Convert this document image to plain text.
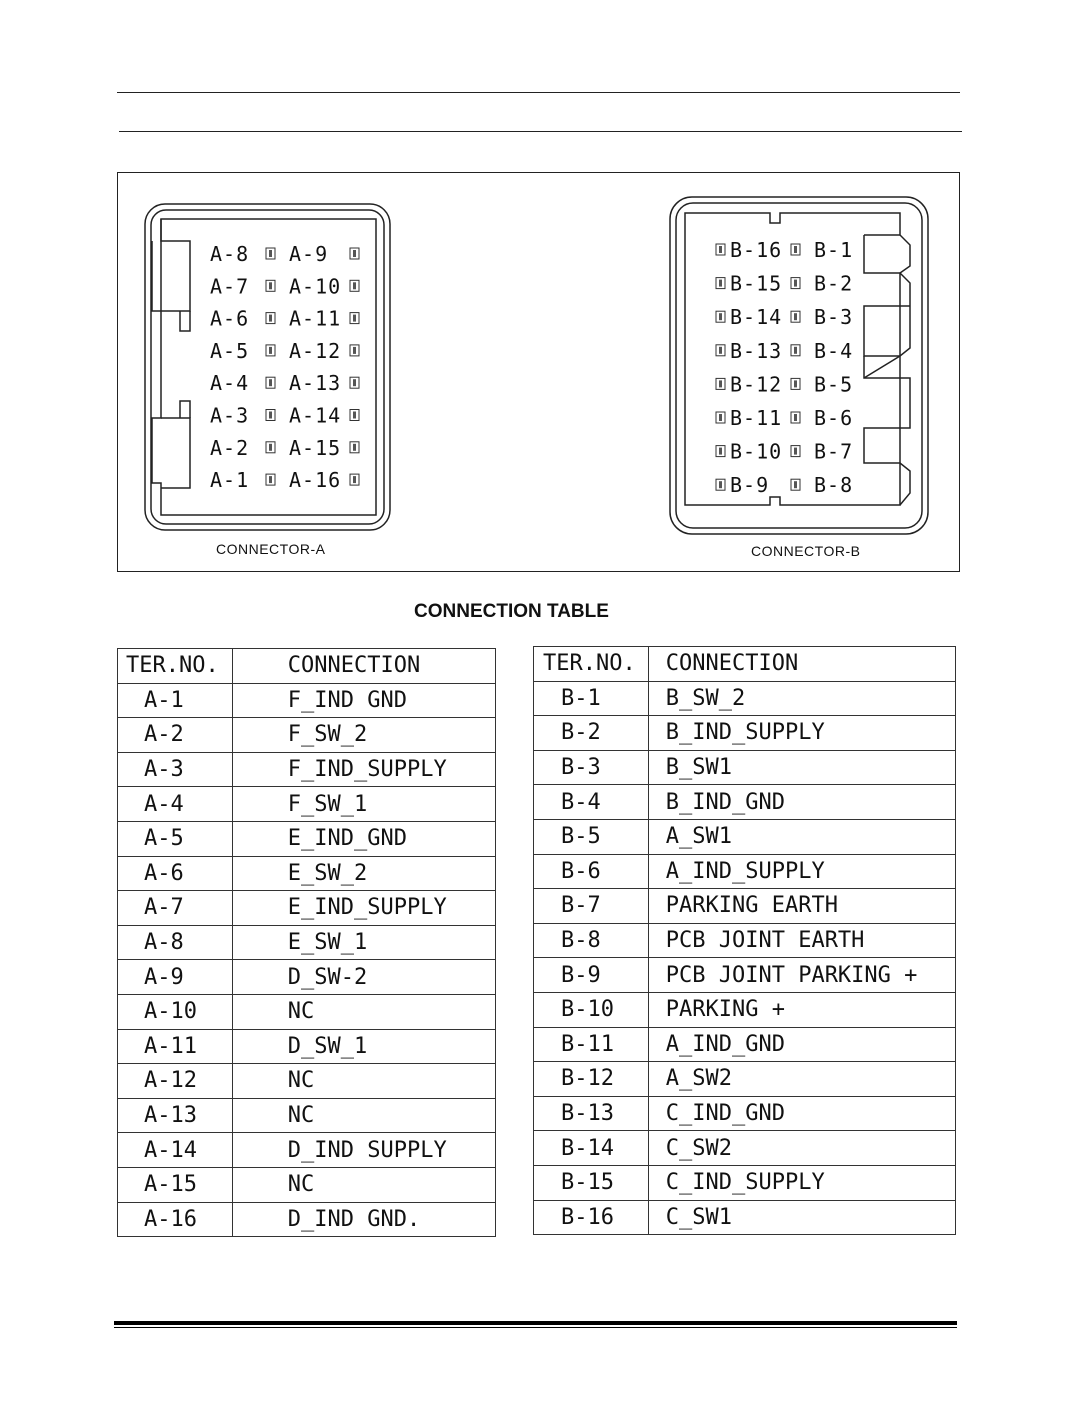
A-8 A-9
A-7 A-10
A-6 A-11
A-5 A-12
A-4 A-13
A-3 A-14
A-2 A-15
A-1 A-16
B-16 B-1
B-15 B-2
B-14 B-3
B-13 B-4
B-12 B-5
B-11 B-6
B-10 B-7
B-9 B-8
CONNECTOR-A	CONNECTOR-B
CONNECTION TABLE
TER.NO.	CONNECTION
A-1	F_IND GND
A-2	F_SW_2
A-3	F_IND_SUPPLY
A-4	F_SW_1
A-5	E_IND_GND
A-6	E_SW_2
A-7	E_IND_SUPPLY
A-8	E_SW_1
A-9	D_SW-2
A-10	NC
A-11	D_SW_1
A-12	NC
A-13	NC
A-14	D_IND SUPPLY
A-15	NC
A-16	D_IND GND.
TER.NO.	CONNECTION
B-1	B_SW_2
B-2	B_IND_SUPPLY
B-3	B_SW1
B-4	B_IND_GND
B-5	A_SW1
B-6	A_IND_SUPPLY
B-7	PARKING EARTH
B-8	PCB JOINT EARTH
B-9	PCB JOINT PARKING +
B-10	PARKING +
B-11	A_IND_GND
B-12	A_SW2
B-13	C_IND_GND
B-14	C_SW2
B-15	C_IND_SUPPLY
B-16	C_SW1
